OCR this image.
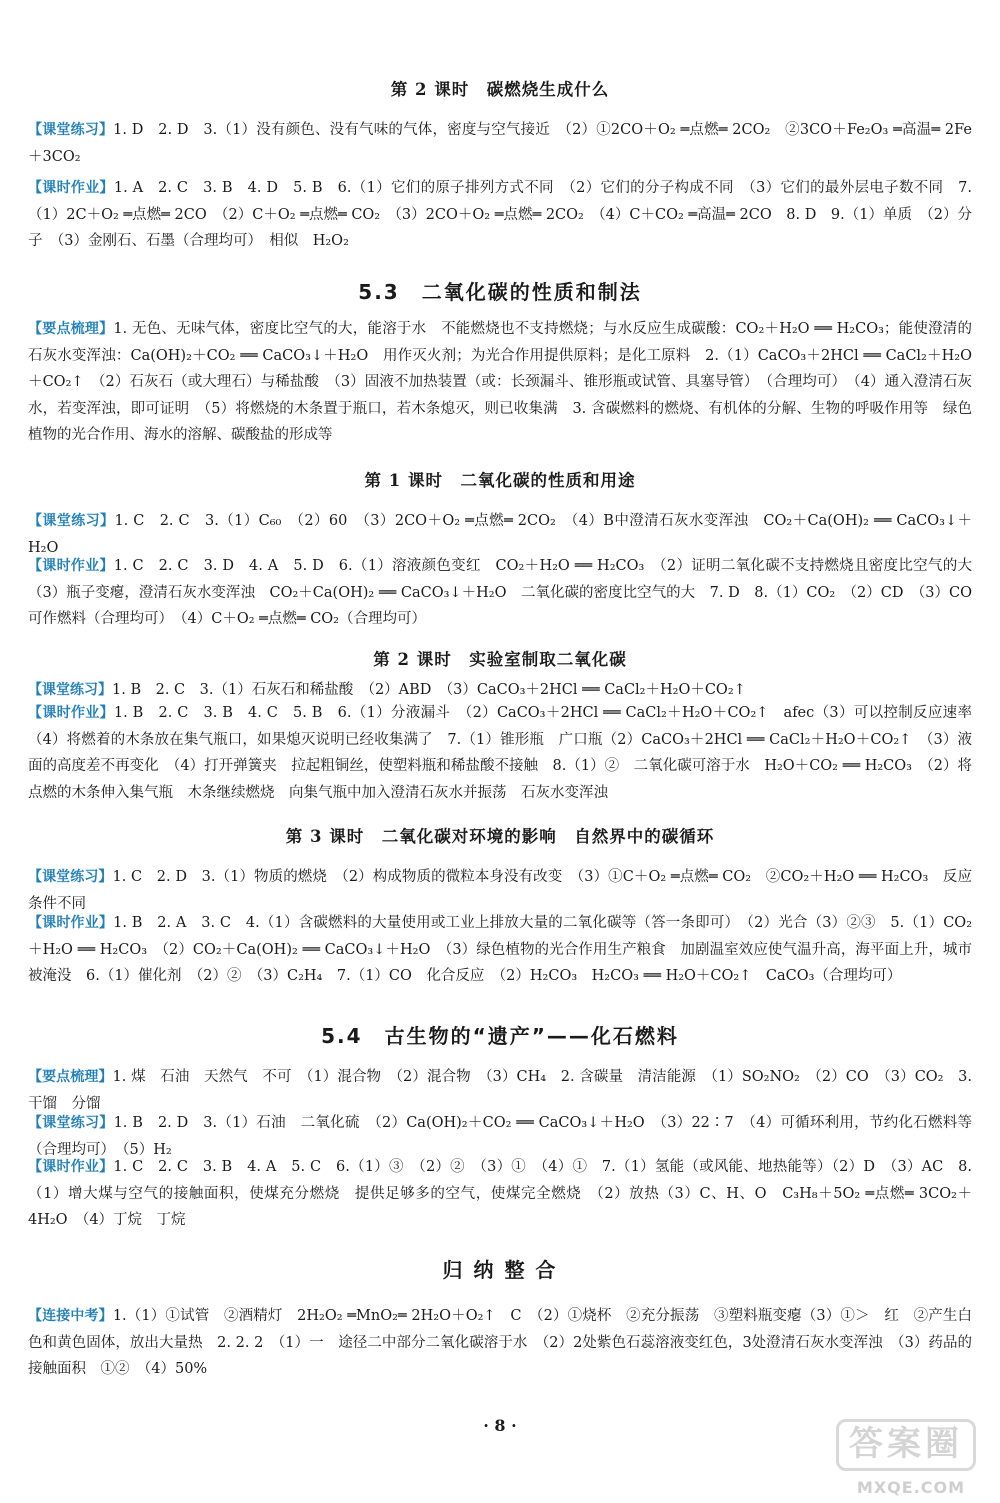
第 2 课时　碳燃烧生成什么

【课堂练习】1. D　2. D　3.（1）没有颜色、没有气味的气体，密度与空气接近　（2）①2CO＋O₂ ═点燃═ 2CO₂　②3CO＋Fe₂O₃ ═高温═ 2Fe＋3CO₂

【课时作业】1. A　2. C　3. B　4. D　5. B　6.（1）它们的原子排列方式不同　（2）它们的分子构成不同　（3）它们的最外层电子数不同　7.（1）2C＋O₂ ═点燃═ 2CO　（2）C＋O₂ ═点燃═ CO₂　（3）2CO＋O₂ ═点燃═ 2CO₂　（4）C＋CO₂ ═高温═ 2CO　8. D　9.（1）单质　（2）分子　（3）金刚石、石墨（合理均可）　相似　H₂O₂

5.3　二氧化碳的性质和制法

【要点梳理】1. 无色、无味气体，密度比空气的大，能溶于水　不能燃烧也不支持燃烧；与水反应生成碳酸：CO₂＋H₂O ══ H₂CO₃；能使澄清的石灰水变浑浊：Ca(OH)₂＋CO₂ ══ CaCO₃↓＋H₂O　用作灭火剂；为光合作用提供原料；是化工原料　2.（1）CaCO₃＋2HCl ══ CaCl₂＋H₂O＋CO₂↑　（2）石灰石（或大理石）与稀盐酸　（3）固液不加热装置（或：长颈漏斗、锥形瓶或试管、具塞导管）　（合理均可）　（4）通入澄清石灰水，若变浑浊，即可证明　（5）将燃烧的木条置于瓶口，若木条熄灭，则已收集满　3. 含碳燃料的燃烧、有机体的分解、生物的呼吸作用等　绿色植物的光合作用、海水的溶解、碳酸盐的形成等

第 1 课时　二氧化碳的性质和用途

【课堂练习】1. C　2. C　3.（1）C₆₀　（2）60　（3）2CO＋O₂ ═点燃═ 2CO₂　（4）B中澄清石灰水变浑浊　CO₂＋Ca(OH)₂ ══ CaCO₃↓＋H₂O

【课时作业】1. C　2. C　3. D　4. A　5. D　6.（1）溶液颜色变红　CO₂＋H₂O ══ H₂CO₃　（2）证明二氧化碳不支持燃烧且密度比空气的大　（3）瓶子变瘪，澄清石灰水变浑浊　CO₂＋Ca(OH)₂ ══ CaCO₃↓＋H₂O　二氧化碳的密度比空气的大　7. D　8.（1）CO₂　（2）CD　（3）CO可作燃料（合理均可）　（4）C＋O₂ ═点燃═ CO₂（合理均可）

第 2 课时　实验室制取二氧化碳

【课堂练习】1. B　2. C　3.（1）石灰石和稀盐酸　（2）ABD　（3）CaCO₃＋2HCl ══ CaCl₂＋H₂O＋CO₂↑

【课时作业】1. B　2. C　3. B　4. C　5. B　6.（1）分液漏斗　（2）CaCO₃＋2HCl ══ CaCl₂＋H₂O＋CO₂↑　afec（3）可以控制反应速率　（4）将燃着的木条放在集气瓶口，如果熄灭说明已经收集满了　7.（1）锥形瓶　广口瓶（2）CaCO₃＋2HCl ══ CaCl₂＋H₂O＋CO₂↑　（3）液面的高度差不再变化　（4）打开弹簧夹　拉起粗铜丝，使塑料瓶和稀盐酸不接触　8.（1）②　二氧化碳可溶于水　H₂O＋CO₂ ══ H₂CO₃　（2）将点燃的木条伸入集气瓶　木条继续燃烧　向集气瓶中加入澄清石灰水并振荡　石灰水变浑浊

第 3 课时　二氧化碳对环境的影响　自然界中的碳循环

【课堂练习】1. C　2. D　3.（1）物质的燃烧　（2）构成物质的微粒本身没有改变　（3）①C＋O₂ ═点燃═ CO₂　②CO₂＋H₂O ══ H₂CO₃　反应条件不同

【课时作业】1. B　2. A　3. C　4.（1）含碳燃料的大量使用或工业上排放大量的二氧化碳等（答一条即可）　（2）光合（3）②③　5.（1）CO₂＋H₂O ══ H₂CO₃　（2）CO₂＋Ca(OH)₂ ══ CaCO₃↓＋H₂O　（3）绿色植物的光合作用生产粮食　加剧温室效应使气温升高，海平面上升，城市被淹没　6.（1）催化剂　（2）②　（3）C₂H₄　7.（1）CO　化合反应　（2）H₂CO₃　H₂CO₃ ══ H₂O＋CO₂↑　CaCO₃（合理均可）

5.4　古生物的“遗产”——化石燃料

【要点梳理】1. 煤　石油　天然气　不可　（1）混合物　（2）混合物　（3）CH₄　2. 含碳量　清洁能源　（1）SO₂NO₂　（2）CO　（3）CO₂　3. 干馏　分馏

【课堂练习】1. B　2. D　3.（1）石油　二氧化硫　（2）Ca(OH)₂＋CO₂ ══ CaCO₃↓＋H₂O　（3）22∶7　（4）可循环利用，节约化石燃料等（合理均可）　（5）H₂

【课时作业】1. C　2. C　3. B　4. A　5. C　6.（1）③　（2）②　（3）①　（4）①　7.（1）氢能（或风能、地热能等）（2）D　（3）AC　8.（1）增大煤与空气的接触面积，使煤充分燃烧　提供足够多的空气，使煤完全燃烧　（2）放热（3）C、H、O　C₃H₈＋5O₂ ═点燃═ 3CO₂＋4H₂O　（4）丁烷　丁烷

归 纳 整 合

【连接中考】1.（1）①试管　②酒精灯　2H₂O₂ ═MnO₂═ 2H₂O＋O₂↑　C　（2）①烧杯　②充分振荡　③塑料瓶变瘪（3）①＞　红　②产生白色和黄色固体，放出大量热　2. 2. 2　（1）一　途径二中部分二氧化碳溶于水　（2）2处紫色石蕊溶液变红色，3处澄清石灰水变浑浊　（3）药品的接触面积　①②　（4）50%

· 8 ·	答案圈
MXQE.COM
